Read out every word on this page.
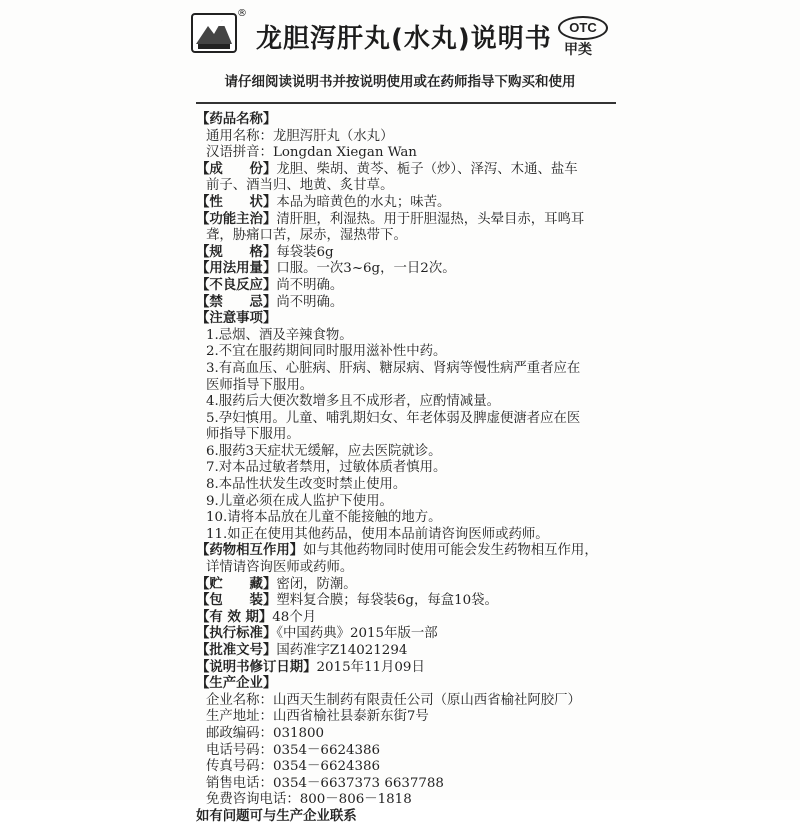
®
龙胆泻肝丸(水丸)说明书	OTC
甲类
请仔细阅读说明书并按说明使用或在药师指导下购买和使用
【药品名称】
通用名称：龙胆泻肝丸（水丸）
汉语拼音：Longdan Xiegan Wan
【成　　份】龙胆、柴胡、黄芩、栀子（炒）、泽泻、木通、盐车
前子、酒当归、地黄、炙甘草。
【性　　状】本品为暗黄色的水丸；味苦。
【功能主治】清肝胆，利湿热。用于肝胆湿热，头晕目赤，耳鸣耳
聋，胁痛口苦，尿赤，湿热带下。
【规　　格】每袋装6g
【用法用量】口服。一次3~6g，一日2次。
【不良反应】尚不明确。
【禁　　忌】尚不明确。
【注意事项】
1.忌烟、酒及辛辣食物。
2.不宜在服药期间同时服用滋补性中药。
3.有高血压、心脏病、肝病、糖尿病、肾病等慢性病严重者应在
医师指导下服用。
4.服药后大便次数增多且不成形者，应酌情减量。
5.孕妇慎用。儿童、哺乳期妇女、年老体弱及脾虚便溏者应在医
师指导下服用。
6.服药3天症状无缓解，应去医院就诊。
7.对本品过敏者禁用，过敏体质者慎用。
8.本品性状发生改变时禁止使用。
9.儿童必须在成人监护下使用。
10.请将本品放在儿童不能接触的地方。
11.如正在使用其他药品，使用本品前请咨询医师或药师。
【药物相互作用】如与其他药物同时使用可能会发生药物相互作用，
详情请咨询医师或药师。
【贮　　藏】密闭，防潮。
【包　　装】塑料复合膜；每袋装6g，每盒10袋。
【有 效 期】48个月
【执行标准】《中国药典》2015年版一部
【批准文号】国药准字Z14021294
【说明书修订日期】2015年11月09日
【生产企业】
企业名称：山西天生制药有限责任公司（原山西省榆社阿胶厂）
生产地址：山西省榆社县泰新东街7号
邮政编码：031800
电话号码：0354－6624386
传真号码：0354－6624386
销售电话：0354－6637373 6637788
免费咨询电话：800－806－1818
如有问题可与生产企业联系
